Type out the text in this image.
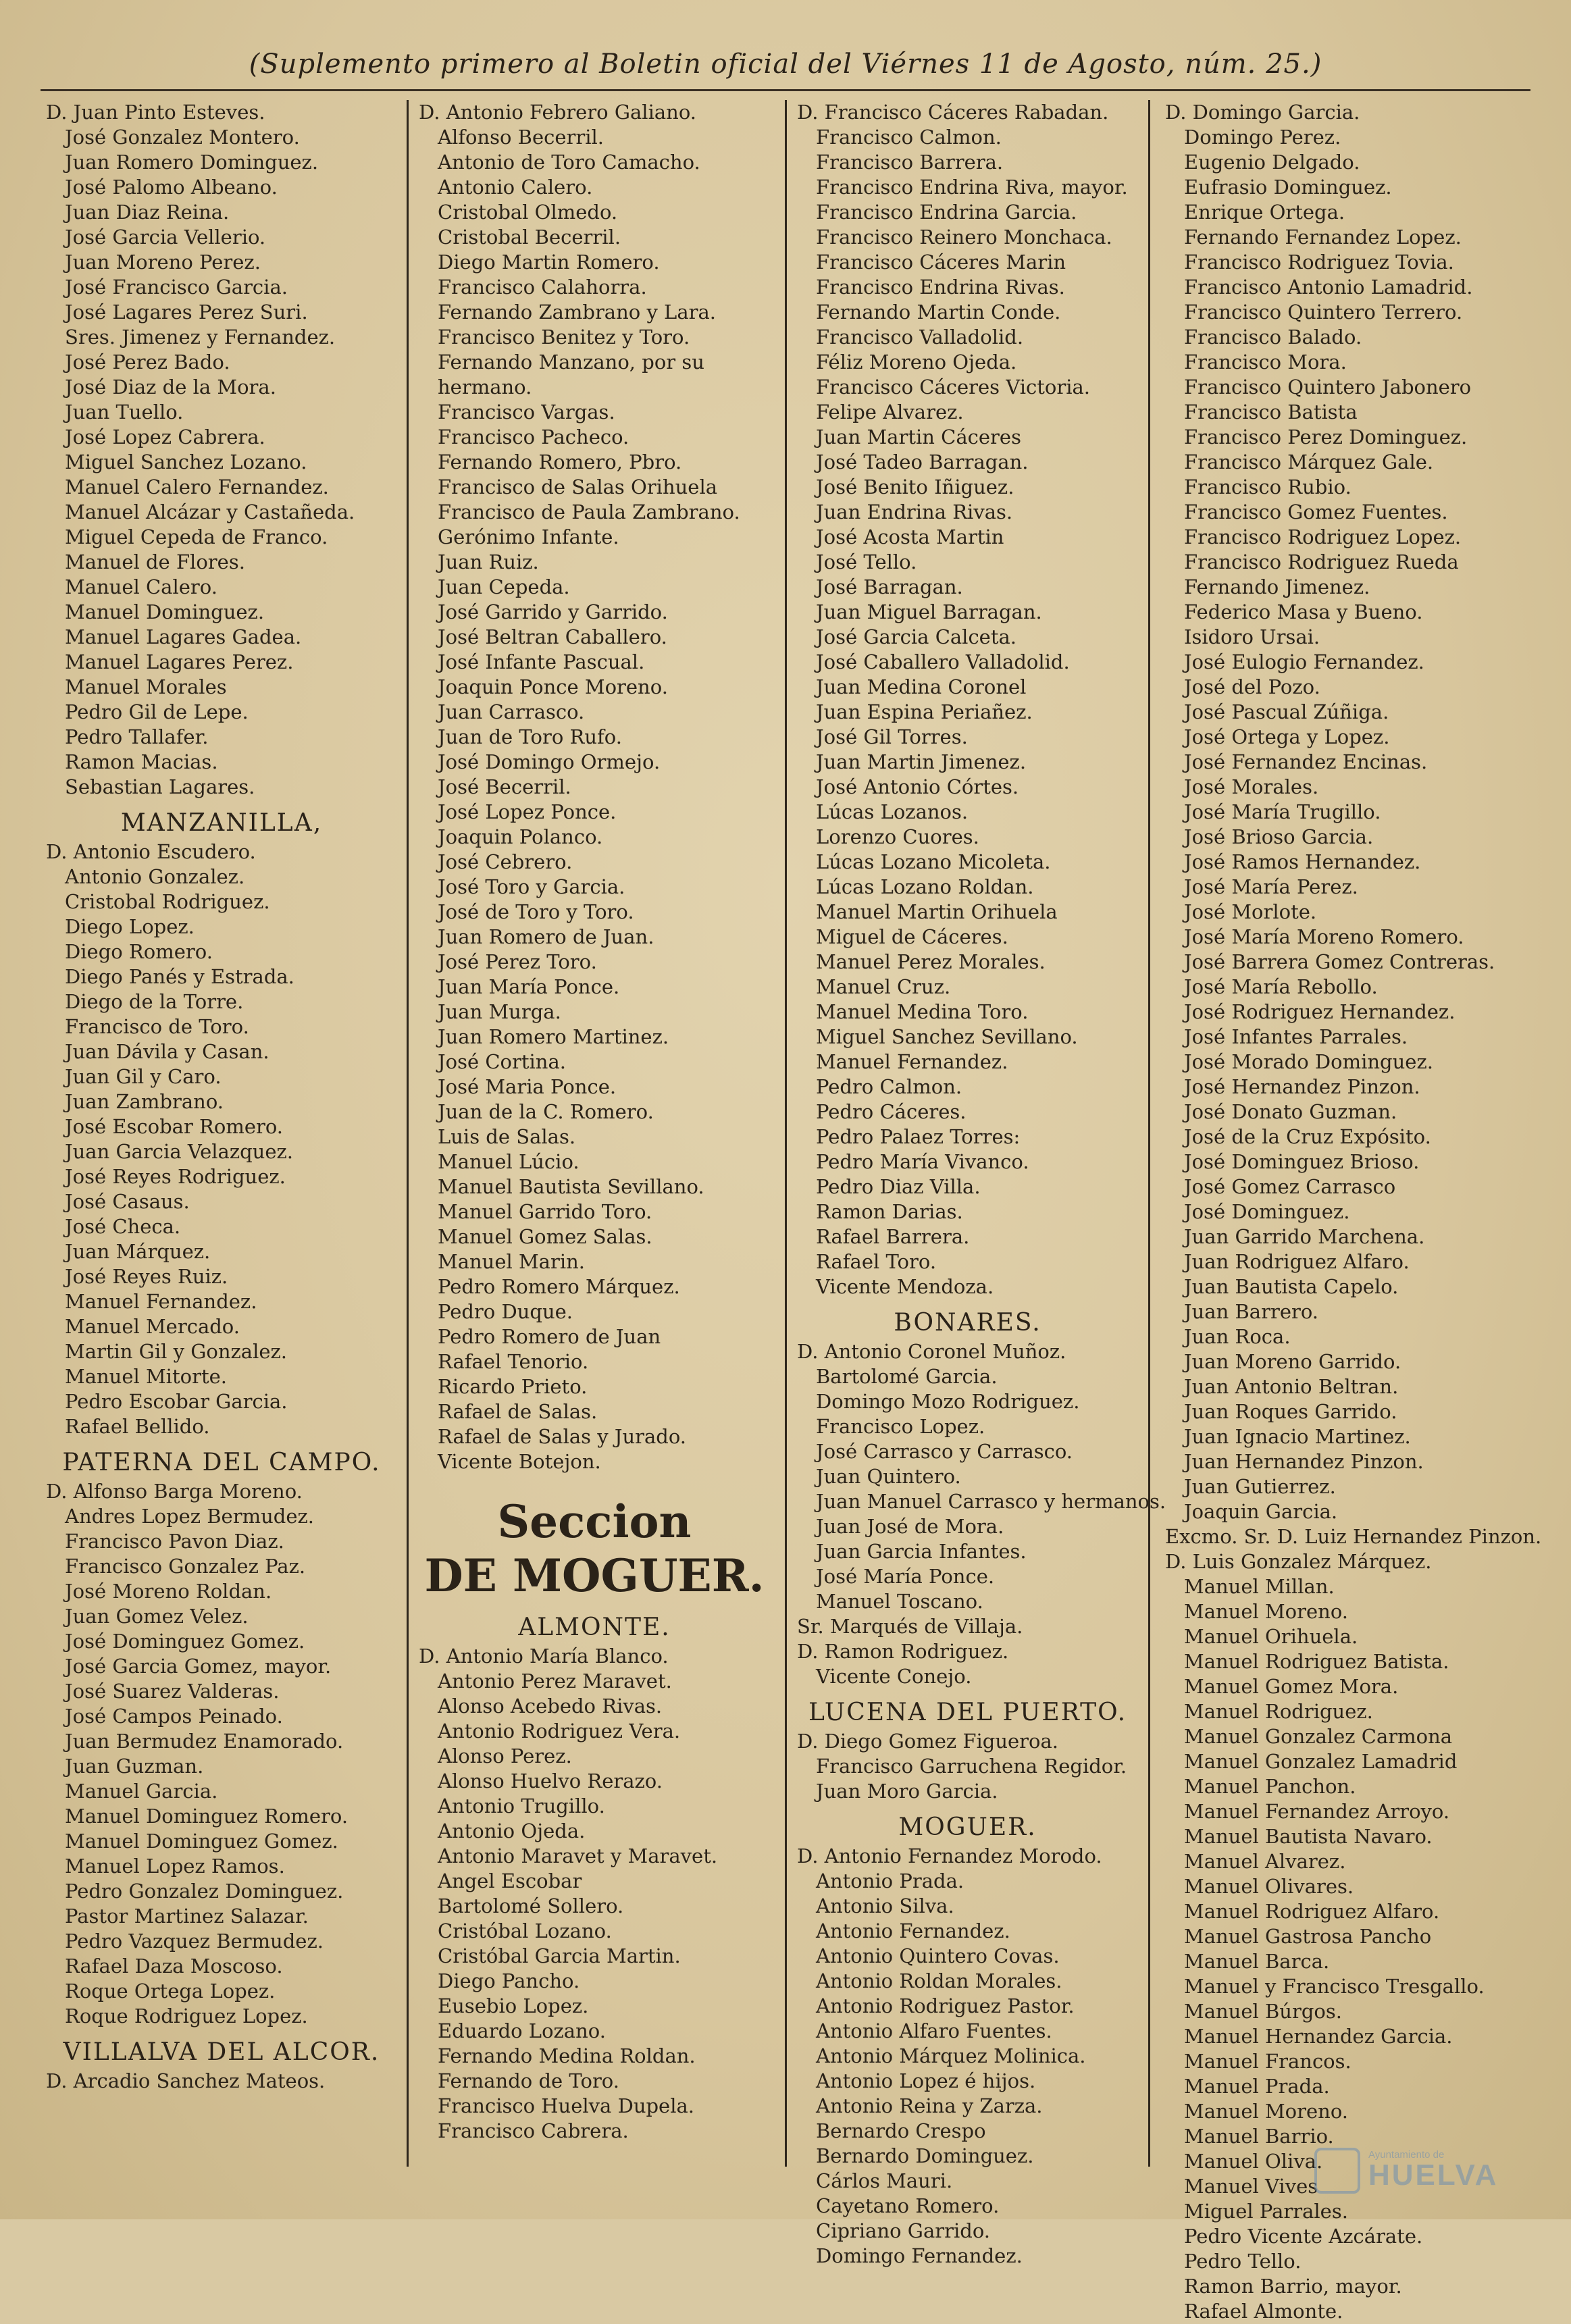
(Suplemento primero al Boletin oficial del Viérnes 11 de Agosto, núm. 25.)
D. Juan Pinto Esteves.
José Gonzalez Montero.
Juan Romero Dominguez.
José Palomo Albeano.
Juan Diaz Reina.
José Garcia Vellerio.
Juan Moreno Perez.
José Francisco Garcia.
José Lagares Perez Suri.
Sres. Jimenez y Fernandez.
José Perez Bado.
José Diaz de la Mora.
Juan Tuello.
José Lopez Cabrera.
Miguel Sanchez Lozano.
Manuel Calero Fernandez.
Manuel Alcázar y Castañeda.
Miguel Cepeda de Franco.
Manuel de Flores.
Manuel Calero.
Manuel Dominguez.
Manuel Lagares Gadea.
Manuel Lagares Perez.
Manuel Morales
Pedro Gil de Lepe.
Pedro Tallafer.
Ramon Macias.
Sebastian Lagares.
MANZANILLA,
D. Antonio Escudero.
Antonio Gonzalez.
Cristobal Rodriguez.
Diego Lopez.
Diego Romero.
Diego Panés y Estrada.
Diego de la Torre.
Francisco de Toro.
Juan Dávila y Casan.
Juan Gil y Caro.
Juan Zambrano.
José Escobar Romero.
Juan Garcia Velazquez.
José Reyes Rodriguez.
José Casaus.
José Checa.
Juan Márquez.
José Reyes Ruiz.
Manuel Fernandez.
Manuel Mercado.
Martin Gil y Gonzalez.
Manuel Mitorte.
Pedro Escobar Garcia.
Rafael Bellido.
PATERNA DEL CAMPO.
D. Alfonso Barga Moreno.
Andres Lopez Bermudez.
Francisco Pavon Diaz.
Francisco Gonzalez Paz.
José Moreno Roldan.
Juan Gomez Velez.
José Dominguez Gomez.
José Garcia Gomez, mayor.
José Suarez Valderas.
José Campos Peinado.
Juan Bermudez Enamorado.
Juan Guzman.
Manuel Garcia.
Manuel Dominguez Romero.
Manuel Dominguez Gomez.
Manuel Lopez Ramos.
Pedro Gonzalez Dominguez.
Pastor Martinez Salazar.
Pedro Vazquez Bermudez.
Rafael Daza Moscoso.
Roque Ortega Lopez.
Roque Rodriguez Lopez.
VILLALVA DEL ALCOR.
D. Arcadio Sanchez Mateos.
D. Antonio Febrero Galiano.
Alfonso Becerril.
Antonio de Toro Camacho.
Antonio Calero.
Cristobal Olmedo.
Cristobal Becerril.
Diego Martin Romero.
Francisco Calahorra.
Fernando Zambrano y Lara.
Francisco Benitez y Toro.
Fernando Manzano, por su
hermano.
Francisco Vargas.
Francisco Pacheco.
Fernando Romero, Pbro.
Francisco de Salas Orihuela
Francisco de Paula Zambrano.
Gerónimo Infante.
Juan Ruiz.
Juan Cepeda.
José Garrido y Garrido.
José Beltran Caballero.
José Infante Pascual.
Joaquin Ponce Moreno.
Juan Carrasco.
Juan de Toro Rufo.
José Domingo Ormejo.
José Becerril.
José Lopez Ponce.
Joaquin Polanco.
José Cebrero.
José Toro y Garcia.
José de Toro y Toro.
Juan Romero de Juan.
José Perez Toro.
Juan María Ponce.
Juan Murga.
Juan Romero Martinez.
José Cortina.
José Maria Ponce.
Juan de la C. Romero.
Luis de Salas.
Manuel Lúcio.
Manuel Bautista Sevillano.
Manuel Garrido Toro.
Manuel Gomez Salas.
Manuel Marin.
Pedro Romero Márquez.
Pedro Duque.
Pedro Romero de Juan
Rafael Tenorio.
Ricardo Prieto.
Rafael de Salas.
Rafael de Salas y Jurado.
Vicente Botejon.
Seccion
DE MOGUER.
ALMONTE.
D. Antonio María Blanco.
Antonio Perez Maravet.
Alonso Acebedo Rivas.
Antonio Rodriguez Vera.
Alonso Perez.
Alonso Huelvo Rerazo.
Antonio Trugillo.
Antonio Ojeda.
Antonio Maravet y Maravet.
Angel Escobar
Bartolomé Sollero.
Cristóbal Lozano.
Cristóbal Garcia Martin.
Diego Pancho.
Eusebio Lopez.
Eduardo Lozano.
Fernando Medina Roldan.
Fernando de Toro.
Francisco Huelva Dupela.
Francisco Cabrera.
D. Francisco Cáceres Rabadan.
Francisco Calmon.
Francisco Barrera.
Francisco Endrina Riva, mayor.
Francisco Endrina Garcia.
Francisco Reinero Monchaca.
Francisco Cáceres Marin
Francisco Endrina Rivas.
Fernando Martin Conde.
Francisco Valladolid.
Féliz Moreno Ojeda.
Francisco Cáceres Victoria.
Felipe Alvarez.
Juan Martin Cáceres
José Tadeo Barragan.
José Benito Iñiguez.
Juan Endrina Rivas.
José Acosta Martin
José Tello.
José Barragan.
Juan Miguel Barragan.
José Garcia Calceta.
José Caballero Valladolid.
Juan Medina Coronel
Juan Espina Periañez.
José Gil Torres.
Juan Martin Jimenez.
José Antonio Córtes.
Lúcas Lozanos.
Lorenzo Cuores.
Lúcas Lozano Micoleta.
Lúcas Lozano Roldan.
Manuel Martin Orihuela
Miguel de Cáceres.
Manuel Perez Morales.
Manuel Cruz.
Manuel Medina Toro.
Miguel Sanchez Sevillano.
Manuel Fernandez.
Pedro Calmon.
Pedro Cáceres.
Pedro Palaez Torres:
Pedro María Vivanco.
Pedro Diaz Villa.
Ramon Darias.
Rafael Barrera.
Rafael Toro.
Vicente Mendoza.
BONARES.
D. Antonio Coronel Muñoz.
Bartolomé Garcia.
Domingo Mozo Rodriguez.
Francisco Lopez.
José Carrasco y Carrasco.
Juan Quintero.
Juan Manuel Carrasco y hermanos.
Juan José de Mora.
Juan Garcia Infantes.
José María Ponce.
Manuel Toscano.
Sr. Marqués de Villaja.
D. Ramon Rodriguez.
Vicente Conejo.
LUCENA DEL PUERTO.
D. Diego Gomez Figueroa.
Francisco Garruchena Regidor.
Juan Moro Garcia.
MOGUER.
D. Antonio Fernandez Morodo.
Antonio Prada.
Antonio Silva.
Antonio Fernandez.
Antonio Quintero Covas.
Antonio Roldan Morales.
Antonio Rodriguez Pastor.
Antonio Alfaro Fuentes.
Antonio Márquez Molinica.
Antonio Lopez é hijos.
Antonio Reina y Zarza.
Bernardo Crespo
Bernardo Dominguez.
Cárlos Mauri.
Cayetano Romero.
Cipriano Garrido.
Domingo Fernandez.
D. Domingo Garcia.
Domingo Perez.
Eugenio Delgado.
Eufrasio Dominguez.
Enrique Ortega.
Fernando Fernandez Lopez.
Francisco Rodriguez Tovia.
Francisco Antonio Lamadrid.
Francisco Quintero Terrero.
Francisco Balado.
Francisco Mora.
Francisco Quintero Jabonero
Francisco Batista
Francisco Perez Dominguez.
Francisco Márquez Gale.
Francisco Rubio.
Francisco Gomez Fuentes.
Francisco Rodriguez Lopez.
Francisco Rodriguez Rueda
Fernando Jimenez.
Federico Masa y Bueno.
Isidoro Ursai.
José Eulogio Fernandez.
José del Pozo.
José Pascual Zúñiga.
José Ortega y Lopez.
José Fernandez Encinas.
José Morales.
José María Trugillo.
José Brioso Garcia.
José Ramos Hernandez.
José María Perez.
José Morlote.
José María Moreno Romero.
José Barrera Gomez Contreras.
José María Rebollo.
José Rodriguez Hernandez.
José Infantes Parrales.
José Morado Dominguez.
José Hernandez Pinzon.
José Donato Guzman.
José de la Cruz Expósito.
José Dominguez Brioso.
José Gomez Carrasco
José Dominguez.
Juan Garrido Marchena.
Juan Rodriguez Alfaro.
Juan Bautista Capelo.
Juan Barrero.
Juan Roca.
Juan Moreno Garrido.
Juan Antonio Beltran.
Juan Roques Garrido.
Juan Ignacio Martinez.
Juan Hernandez Pinzon.
Juan Gutierrez.
Joaquin Garcia.
Excmo. Sr. D. Luiz Hernandez Pinzon.
D. Luis Gonzalez Márquez.
Manuel Millan.
Manuel Moreno.
Manuel Orihuela.
Manuel Rodriguez Batista.
Manuel Gomez Mora.
Manuel Rodriguez.
Manuel Gonzalez Carmona
Manuel Gonzalez Lamadrid
Manuel Panchon.
Manuel Fernandez Arroyo.
Manuel Bautista Navaro.
Manuel Alvarez.
Manuel Olivares.
Manuel Rodriguez Alfaro.
Manuel Gastrosa Pancho
Manuel Barca.
Manuel y Francisco Tresgallo.
Manuel Búrgos.
Manuel Hernandez Garcia.
Manuel Francos.
Manuel Prada.
Manuel Moreno.
Manuel Barrio.
Manuel Oliva.
Manuel Vives
Miguel Parrales.
Pedro Vicente Azcárate.
Pedro Tello.
Ramon Barrio, mayor.
Rafael Almonte.
Ayuntamiento de
HUELVA
